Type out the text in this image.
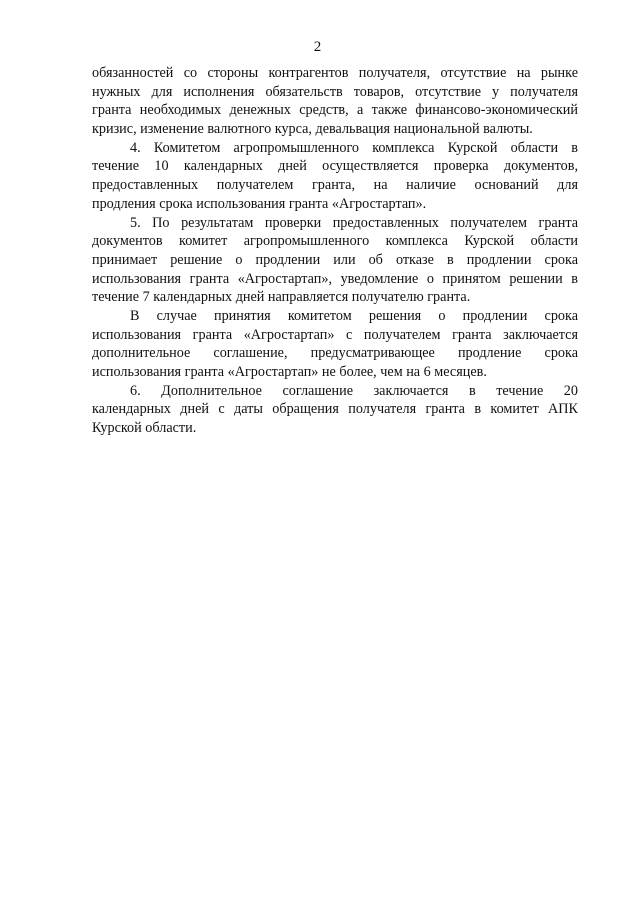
2
обязанностей со стороны контрагентов получателя, отсутствие на рынке
нужных для исполнения обязательств товаров, отсутствие у получателя
гранта необходимых денежных средств, а также финансово-экономический
кризис, изменение валютного курса, девальвация национальной валюты.
4. Комитетом агропромышленного комплекса Курской области в
течение 10 календарных дней осуществляется проверка документов,
предоставленных получателем гранта, на наличие оснований для
продления срока использования гранта «Агростартап».
5. По результатам проверки предоставленных получателем гранта
документов комитет агропромышленного комплекса Курской области
принимает решение о продлении или об отказе в продлении срока
использования гранта «Агростартап», уведомление о принятом решении в
течение 7 календарных дней направляется получателю гранта.
В случае принятия комитетом решения о продлении срока
использования гранта «Агростартап» с получателем гранта заключается
дополнительное соглашение, предусматривающее продление срока
использования гранта «Агростартап» не более, чем на 6 месяцев.
6. Дополнительное соглашение заключается в течение 20
календарных дней с даты обращения получателя гранта в комитет АПК
Курской области.
